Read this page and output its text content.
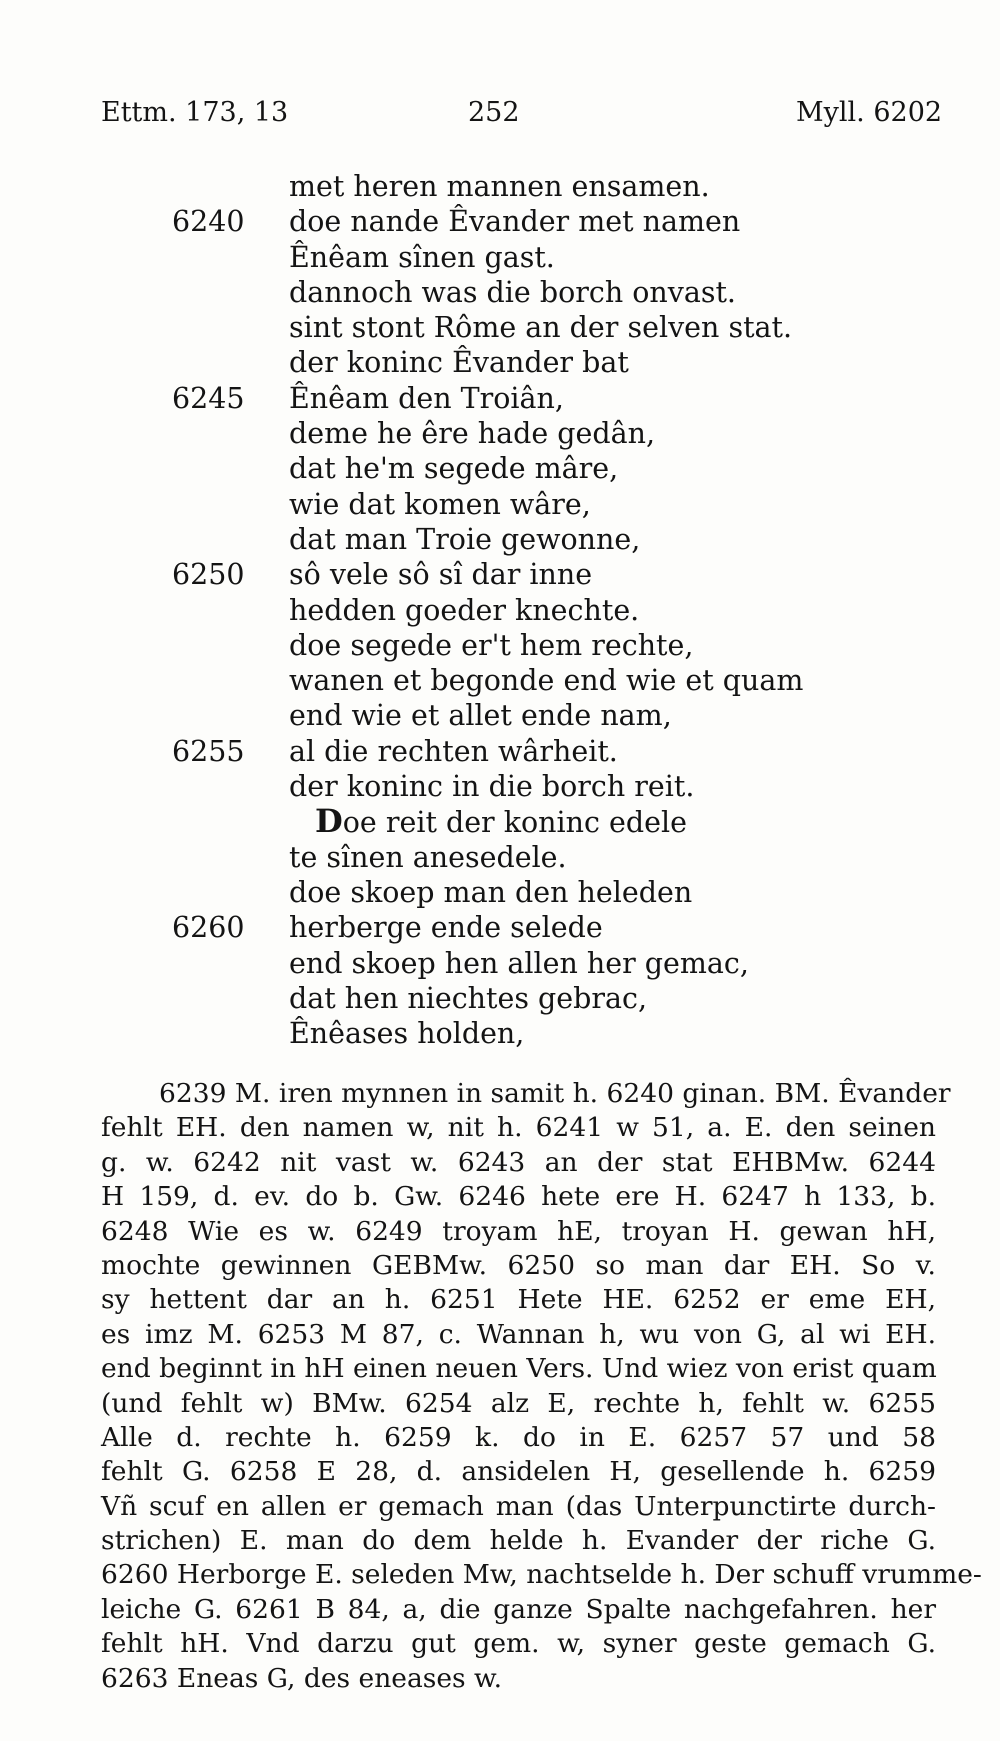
Ettm. 173, 13	252	Myll. 6202
met heren mannen ensamen.
6240	doe nande Êvander met namen
Ênêam sînen gast.
dannoch was die borch onvast.
sint stont Rôme an der selven stat.
der koninc Êvander bat
6245	Ênêam den Troiân,
deme he êre hade gedân,
dat he'm segede mâre,
wie dat komen wâre,
dat man Troie gewonne,
6250	sô vele sô sî dar inne
hedden goeder knechte.
doe segede er't hem rechte,
wanen et begonde end wie et quam
end wie et allet ende nam,
6255	al die rechten wârheit.
der koninc in die borch reit.
Doe reit der koninc edele
te sînen anesedele.
doe skoep man den heleden
6260	herberge ende selede
end skoep hen allen her gemac,
dat hen niechtes gebrac,
Ênêases holden,
6239 M. iren mynnen in samit h. 6240 ginan. BM. Êvander
fehlt EH. den namen w, nit h. 6241 w 51, a. E. den seinen
g. w. 6242 nit vast w. 6243 an der stat EHBMw. 6244
H 159, d. ev. do b. Gw. 6246 hete ere H. 6247 h 133, b.
6248 Wie es w. 6249 troyam hE, troyan H. gewan hH,
mochte gewinnen GEBMw. 6250 so man dar EH. So v.
sy hettent dar an h. 6251 Hete HE. 6252 er eme EH,
es imz M. 6253 M 87, c. Wannan h, wu von G, al wi EH.
end beginnt in hH einen neuen Vers. Und wiez von erist quam
(und fehlt w) BMw. 6254 alz E, rechte h, fehlt w. 6255
Alle d. rechte h. 6259 k. do in E. 6257 57 und 58
fehlt G. 6258 E 28, d. ansidelen H, gesellende h. 6259
Vñ scuf en allen er gemach man (das Unterpunctirte durch-
strichen) E. man do dem helde h. Evander der riche G.
6260 Herborge E. seleden Mw, nachtselde h. Der schuff vrumme-
leiche G. 6261 B 84, a, die ganze Spalte nachgefahren. her
fehlt hH. Vnd darzu gut gem. w, syner geste gemach G.
6263 Eneas G, des eneases w.
